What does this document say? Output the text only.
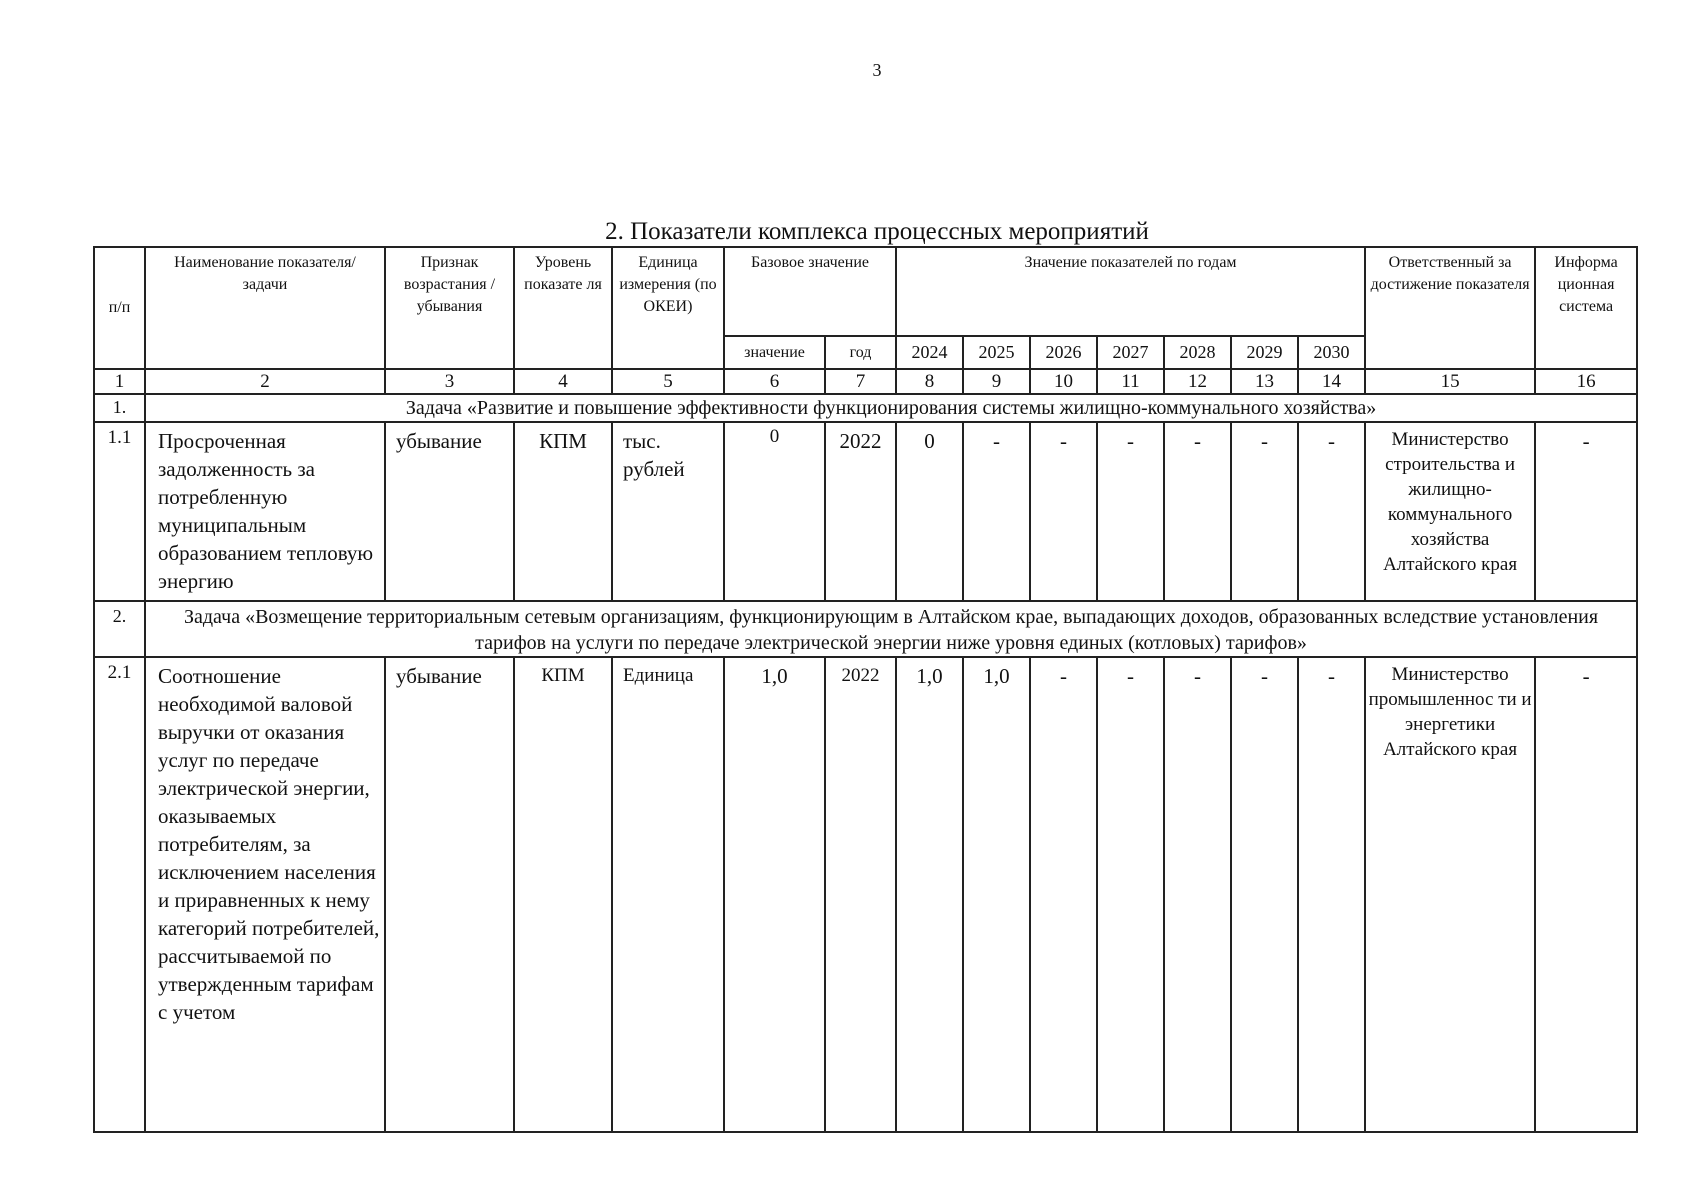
3
2. Показатели комплекса процессных мероприятий
п/п	Наименование показателя/задачи	Признак возрастания /убывания	Уровень показате ля	Единица измерения (по ОКЕИ)	Базовое значение		Значение показателей по годам							Ответственный за достижение показателя	Информа ционная система
					значение	год	2024	2025	2026	2027	2028	2029	2030		
1	2	3	4	5	6	7	8	9	10	11	12	13	14	15	16
1.	Задача «Развитие и повышение эффективности функционирования системы жилищно-коммунального хозяйства»														
1.1	Просроченная задолженность за потребленную муниципальным образованием тепловую энергию	убывание	КПМ	тыс. рублей	0	2022	0	-	-	-	-	-	-	Министерство строительства и жилищно-коммунального хозяйства Алтайского края	-
2.	Задача «Возмещение территориальным сетевым организациям, функционирующим в Алтайском крае, выпадающих доходов, образованных вследствие установления тарифов на услуги по передаче электрической энергии ниже уровня единых (котловых) тарифов»														
2.1	Соотношение необходимой валовой выручки от оказания услуг по передаче электрической энергии, оказываемых потребителям, за исключением населения и приравненных к нему категорий потребителей, рассчитываемой по утвержденным тарифам с учетом	убывание	КПМ	Единица	1,0	2022	1,0	1,0	-	-	-	-	-	Министерство промышленнос ти и энергетики Алтайского края	-
